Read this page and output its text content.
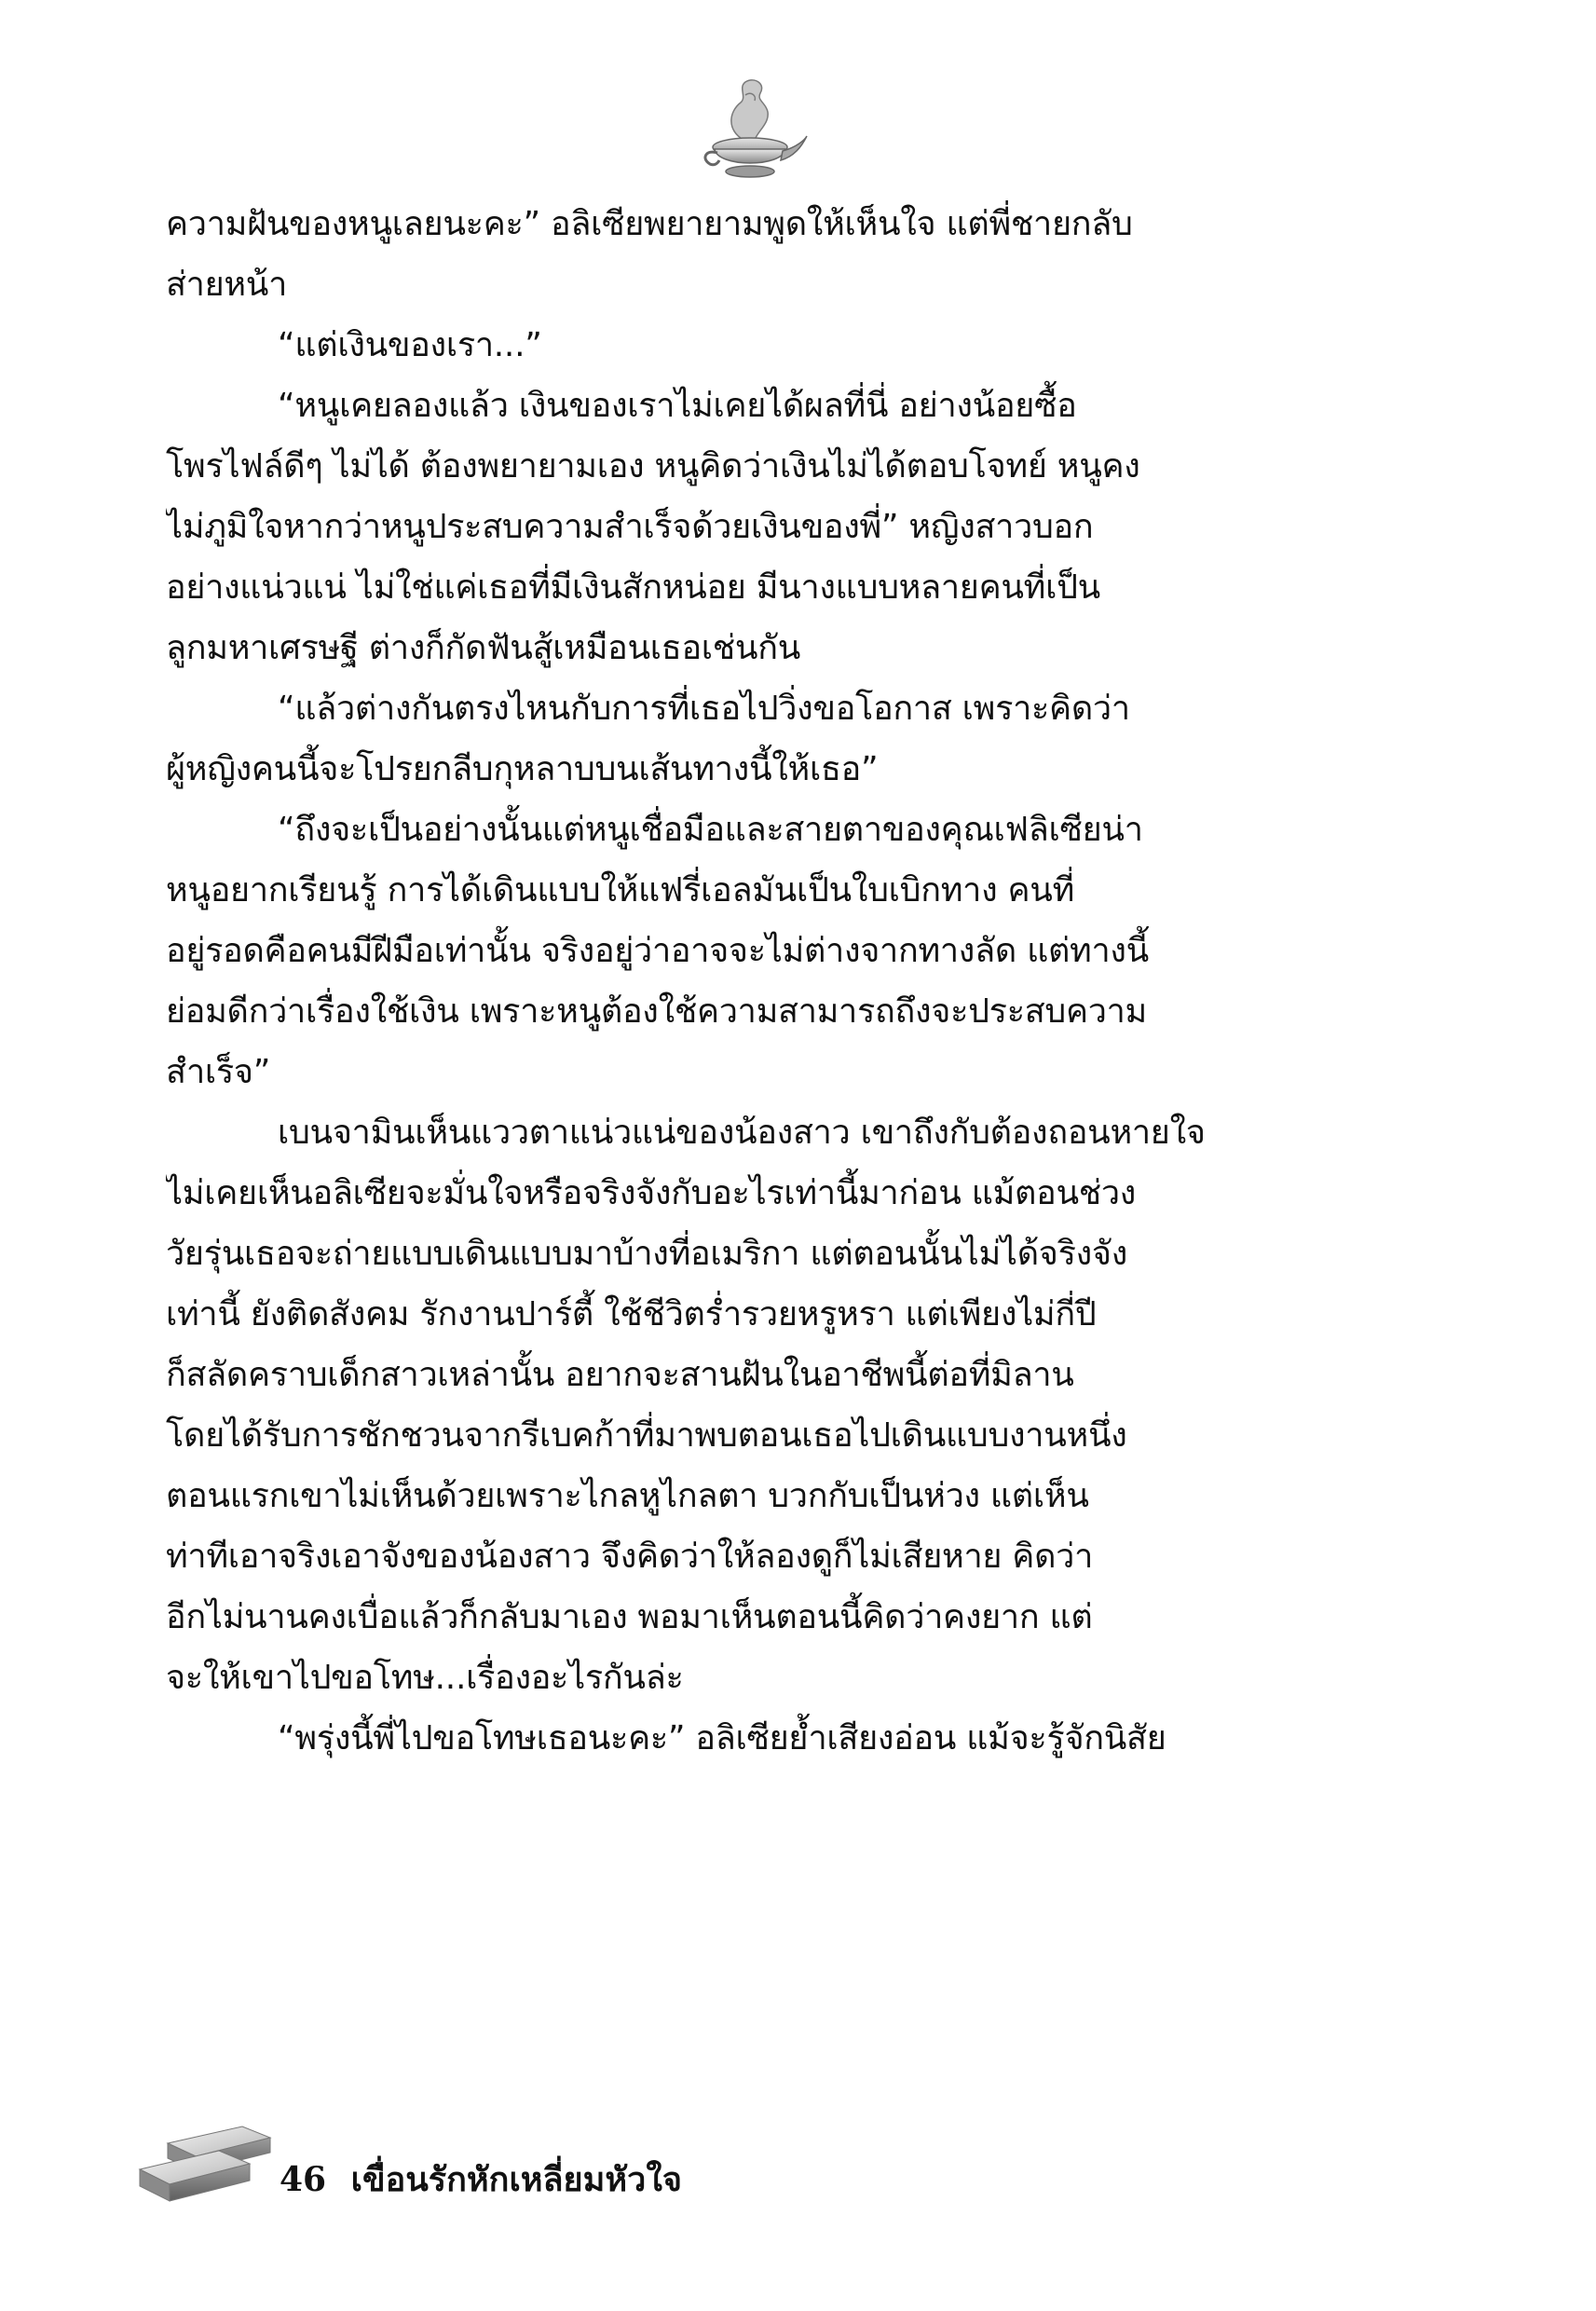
ความฝันของหนูเลยนะคะ” อลิเซียพยายามพูดให้เห็นใจ แต่พี่ชายกลับ
ส่ายหน้า
“แต่เงินของเรา...”
“หนูเคยลองแล้ว เงินของเราไม่เคยได้ผลที่นี่ อย่างน้อยซื้อ
โพรไฟล์ดีๆ ไม่ได้ ต้องพยายามเอง หนูคิดว่าเงินไม่ได้ตอบโจทย์ หนูคง
ไม่ภูมิใจหากว่าหนูประสบความสำเร็จด้วยเงินของพี่” หญิงสาวบอก
อย่างแน่วแน่ ไม่ใช่แค่เธอที่มีเงินสักหน่อย มีนางแบบหลายคนที่เป็น
ลูกมหาเศรษฐี ต่างก็กัดฟันสู้เหมือนเธอเช่นกัน
“แล้วต่างกันตรงไหนกับการที่เธอไปวิ่งขอโอกาส เพราะคิดว่า
ผู้หญิงคนนี้จะโปรยกลีบกุหลาบบนเส้นทางนี้ให้เธอ”
“ถึงจะเป็นอย่างนั้นแต่หนูเชื่อมือและสายตาของคุณเฟลิเซียน่า
หนูอยากเรียนรู้ การได้เดินแบบให้แฟรี่เอลมันเป็นใบเบิกทาง คนที่
อยู่รอดคือคนมีฝีมือเท่านั้น จริงอยู่ว่าอาจจะไม่ต่างจากทางลัด แต่ทางนี้
ย่อมดีกว่าเรื่องใช้เงิน เพราะหนูต้องใช้ความสามารถถึงจะประสบความ
สำเร็จ”
เบนจามินเห็นแววตาแน่วแน่ของน้องสาว เขาถึงกับต้องถอนหายใจ
ไม่เคยเห็นอลิเซียจะมั่นใจหรือจริงจังกับอะไรเท่านี้มาก่อน แม้ตอนช่วง
วัยรุ่นเธอจะถ่ายแบบเดินแบบมาบ้างที่อเมริกา แต่ตอนนั้นไม่ได้จริงจัง
เท่านี้ ยังติดสังคม รักงานปาร์ตี้ ใช้ชีวิตร่ำรวยหรูหรา แต่เพียงไม่กี่ปี
ก็สลัดคราบเด็กสาวเหล่านั้น อยากจะสานฝันในอาชีพนี้ต่อที่มิลาน
โดยได้รับการชักชวนจากรีเบคก้าที่มาพบตอนเธอไปเดินแบบงานหนึ่ง
ตอนแรกเขาไม่เห็นด้วยเพราะไกลหูไกลตา บวกกับเป็นห่วง แต่เห็น
ท่าทีเอาจริงเอาจังของน้องสาว จึงคิดว่าให้ลองดูก็ไม่เสียหาย คิดว่า
อีกไม่นานคงเบื่อแล้วก็กลับมาเอง พอมาเห็นตอนนี้คิดว่าคงยาก แต่
จะให้เขาไปขอโทษ...เรื่องอะไรกันล่ะ
“พรุ่งนี้พี่ไปขอโทษเธอนะคะ” อลิเซียย้ำเสียงอ่อน แม้จะรู้จักนิสัย
46 เขื่อนรักหักเหลี่ยมหัวใจ
